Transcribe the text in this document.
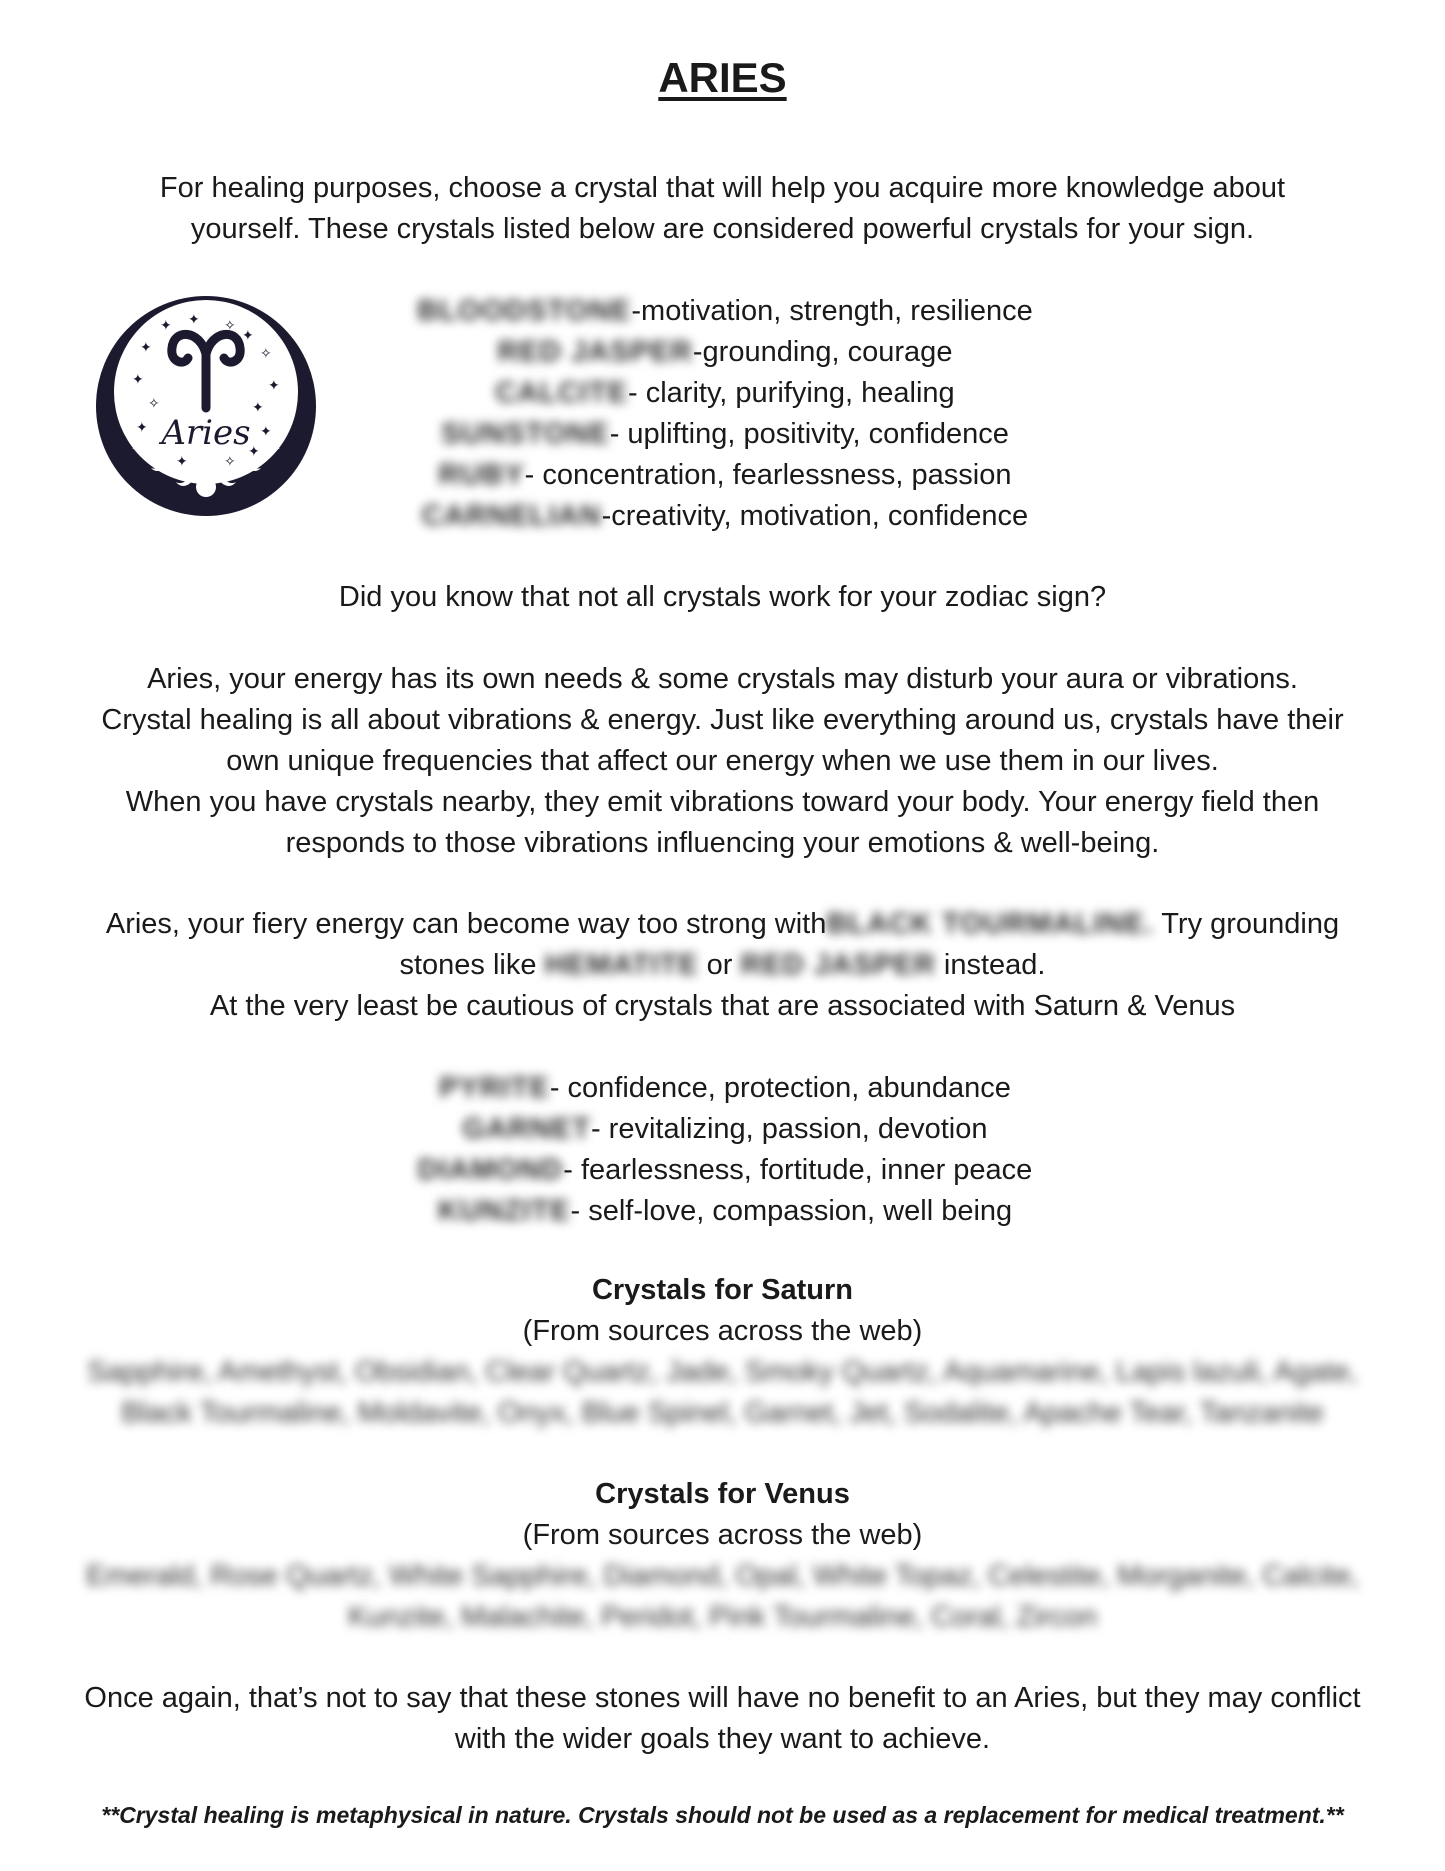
ARIES
For healing purposes, choose a crystal that will help you acquire more knowledge about
yourself. These crystals listed below are considered powerful crystals for your sign.
Aries
✦
✦	✧
✦
✦	✧
✦	✦
✧	✦
✦	✦
✦	✧
✦
BLOODSTONE-motivation, strength, resilience
RED JASPER-grounding, courage
CALCITE- clarity, purifying, healing
SUNSTONE- uplifting, positivity, confidence
RUBY- concentration, fearlessness, passion
CARNELIAN-creativity, motivation, confidence
Did you know that not all crystals work for your zodiac sign?
Aries, your energy has its own needs & some crystals may disturb your aura or vibrations.
Crystal healing is all about vibrations & energy. Just like everything around us, crystals have their
own unique frequencies that affect our energy when we use them in our lives.
When you have crystals nearby, they emit vibrations toward your body. Your energy field then
responds to those vibrations influencing your emotions & well-being.
Aries, your fiery energy can become way too strong withBLACK TOURMALINE. Try grounding
stones like HEMATITE or RED JASPER instead.
At the very least be cautious of crystals that are associated with Saturn & Venus
PYRITE- confidence, protection, abundance
GARNET- revitalizing, passion, devotion
DIAMOND- fearlessness, fortitude, inner peace
KUNZITE- self-love, compassion, well being
Crystals for Saturn
(From sources across the web)
Sapphire, Amethyst, Obsidian, Clear Quartz, Jade, Smoky Quartz, Aquamarine, Lapis lazuli, Agate,
Black Tourmaline, Moldavite, Onyx, Blue Spinel, Garnet, Jet, Sodalite, Apache Tear, Tanzanite
Crystals for Venus
(From sources across the web)
Emerald, Rose Quartz, White Sapphire, Diamond, Opal, White Topaz, Celestite, Morganite, Calcite,
Kunzite, Malachite, Peridot, Pink Tourmaline, Coral, Zircon
Once again, that’s not to say that these stones will have no benefit to an Aries, but they may conflict
with the wider goals they want to achieve.
**Crystal healing is metaphysical in nature. Crystals should not be used as a replacement for medical treatment.**
